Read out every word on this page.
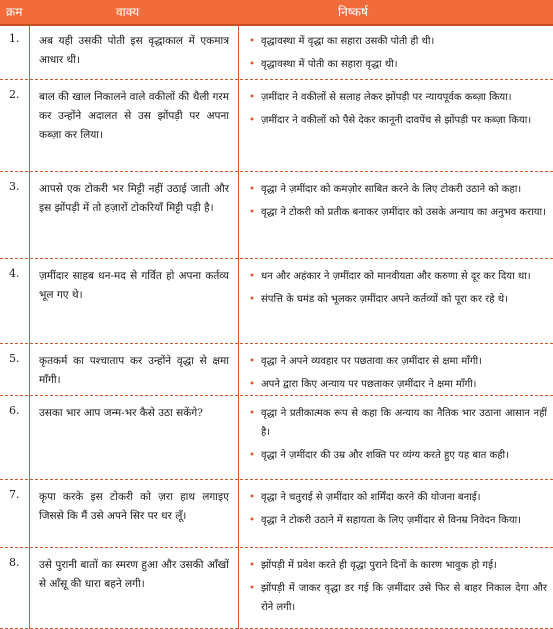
क्रम	वाक्य	निष्कर्ष
1. अब यही उसकी पोती इस वृद्धाकाल में एकमात्र आधार थी।
• वृद्धावस्था में वृद्धा का सहारा उसकी पोती ही थी।
• वृद्धावस्था में पोती का सहारा वृद्धा थी।
2. बाल की खाल निकालने वाले वकीलों की थैली गरम कर उन्होंने अदालत से उस झोंपड़ी पर अपना कब्ज़ा कर लिया।
• ज़मींदार ने वकीलों से सलाह लेकर झोंपड़ी पर न्यायपूर्वक कब्ज़ा किया।
• ज़मींदार ने वकीलों को पैसे देकर कानूनी दावपेंच से झोंपड़ी पर कब्ज़ा किया।
3. आपसे एक टोकरी भर मिट्टी नहीं उठाई जाती और इस झोंपड़ी में तो हज़ारों टोकरियाँ मिट्टी पड़ी है।
• वृद्धा ने ज़मींदार को कमज़ोर साबित करने के लिए टोकरी उठाने को कहा।
• वृद्धा ने टोकरी को प्रतीक बनाकर ज़मींदार को उसके अन्याय का अनुभव कराया।
4. ज़मींदार साहब धन-मद से गर्वित हो अपना कर्तव्य भूल गए थे।
• धन और अहंकार ने ज़मींदार को मानवीयता और करुणा से दूर कर दिया था।
• संपत्ति के घमंड को भूलकर ज़मींदार अपने कर्तव्यों को पूरा कर रहे थे।
5. कृतकर्म का पश्चाताप कर उन्होंने वृद्धा से क्षमा माँगी।
• वृद्धा ने अपने व्यवहार पर पछतावा कर ज़मींदार से क्षमा माँगी।
• अपने द्वारा किए अन्याय पर पछताकर ज़मींदार ने क्षमा माँगी।
6. उसका भार आप जन्म-भर कैसे उठा सकेंगे?	• वृद्धा ने प्रतीकात्मक रूप से कहा कि अन्याय का नैतिक भार उठाना आसान नहीं है।
• वृद्धा ने ज़मींदार की उम्र और शक्ति पर व्यंग्य करते हुए यह बात कही।
7. कृपा करके इस टोकरी को ज़रा हाथ लगाइए जिससे कि मैं उसे अपने सिर पर धर लूँ।
• वृद्धा ने चतुराई से ज़मींदार को शर्मिंदा करने की योजना बनाई।
• वृद्धा ने टोकरी उठाने में सहायता के लिए ज़मींदार से विनम्र निवेदन किया।
8. उसे पुरानी बातों का स्मरण हुआ और उसकी आँखों से आँसू की धारा बहने लगी।
• झोंपड़ी में प्रवेश करते ही वृद्धा पुराने दिनों के कारण भावुक हो गई।
• झोंपड़ी में जाकर वृद्धा डर गई कि ज़मींदार उसे फिर से बाहर निकाल देगा और रोने लगी।
